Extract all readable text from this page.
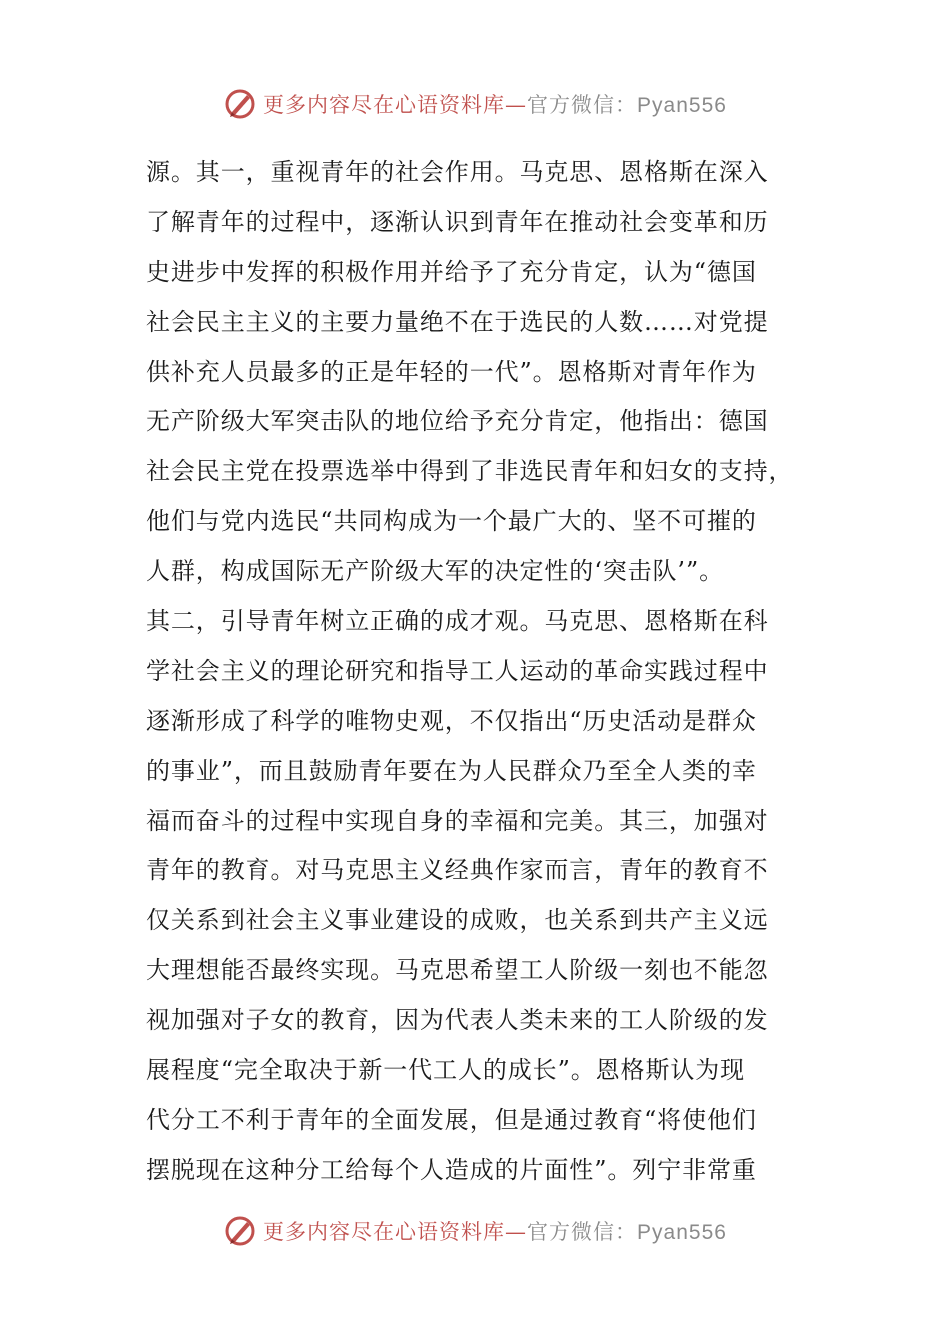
更多内容尽在心语资料库—官方微信：Pyan556
源。其一，重视青年的社会作用。马克思、恩格斯在深入
了解青年的过程中，逐渐认识到青年在推动社会变革和历
史进步中发挥的积极作用并给予了充分肯定，认为“德国
社会民主主义的主要力量绝不在于选民的人数……对党提
供补充人员最多的正是年轻的一代”。恩格斯对青年作为
无产阶级大军突击队的地位给予充分肯定，他指出：德国
社会民主党在投票选举中得到了非选民青年和妇女的支持，
他们与党内选民“共同构成为一个最广大的、坚不可摧的
人群，构成国际无产阶级大军的决定性的‘突击队’”。
其二，引导青年树立正确的成才观。马克思、恩格斯在科
学社会主义的理论研究和指导工人运动的革命实践过程中
逐渐形成了科学的唯物史观，不仅指出“历史活动是群众
的事业”，而且鼓励青年要在为人民群众乃至全人类的幸
福而奋斗的过程中实现自身的幸福和完美。其三，加强对
青年的教育。对马克思主义经典作家而言，青年的教育不
仅关系到社会主义事业建设的成败，也关系到共产主义远
大理想能否最终实现。马克思希望工人阶级一刻也不能忽
视加强对子女的教育，因为代表人类未来的工人阶级的发
展程度“完全取决于新一代工人的成长”。恩格斯认为现
代分工不利于青年的全面发展，但是通过教育“将使他们
摆脱现在这种分工给每个人造成的片面性”。列宁非常重
更多内容尽在心语资料库—官方微信：Pyan556
